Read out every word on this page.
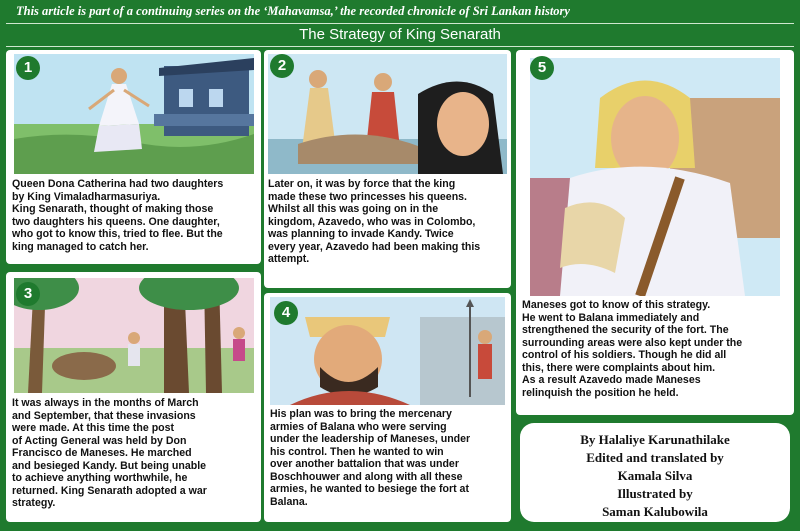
This article is part of a continuing series on the ‘Mahavamsa,’ the recorded chronicle of Sri Lankan history
The Strategy of King Senarath
1
Queen Dona Catherina had two daughters
by King Vimaladharmasuriya.
King Senarath, thought of making those
two daughters his queens. One daughter,
who got to know this, tried to flee. But the
king managed to catch her.
2
Later on, it was by force that the king
made these two princesses his queens.
Whilst all this was going on in the
kingdom, Azavedo, who was in Colombo,
was planning to invade Kandy. Twice
every year, Azavedo had been making this
attempt.
5
Maneses got to know of this strategy.
He went to Balana immediately and
strengthened the security of the fort. The
surrounding areas were also kept under the
control of his soldiers. Though he did all
this, there were complaints about him.
As a result Azavedo made Maneses
relinquish the position he held.
3
It was always in the months of March
and September, that these invasions
were made. At this time the post
of Acting General was held by Don
Francisco de Maneses. He marched
and besieged Kandy. But being unable
to achieve anything worthwhile, he
returned. King Senarath adopted a war
strategy.
4
His plan was to bring the mercenary
armies of Balana who were serving
under the leadership of Maneses, under
his control. Then he wanted to win
over another battalion that was under
Boschhouwer and along with all these
armies, he wanted to besiege the fort at
Balana.
By Halaliye Karunathilake
Edited and translated by
Kamala Silva
Illustrated by
Saman Kalubowila
